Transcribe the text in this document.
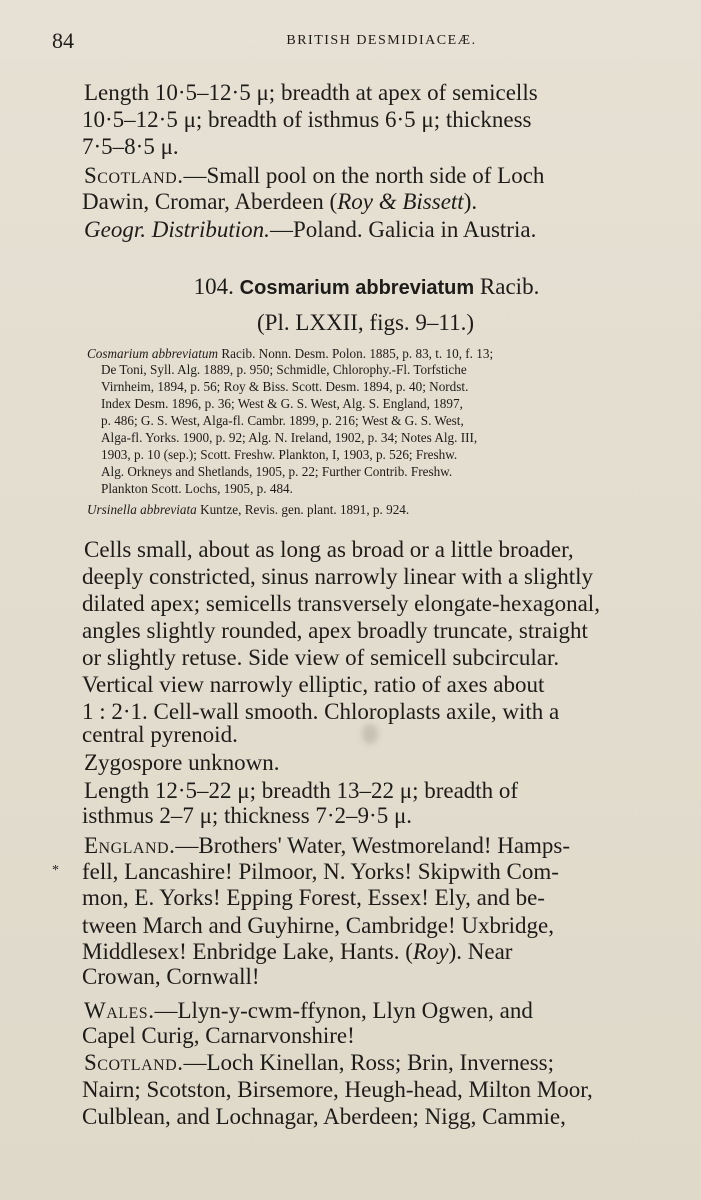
84	BRITISH DESMIDIACEÆ.
Length 10·5–12·5 μ; breadth at apex of semicells
10·5–12·5 μ; breadth of isthmus 6·5 μ; thickness
7·5–8·5 μ.
Scotland.—Small pool on the north side of Loch
Dawin, Cromar, Aberdeen (Roy & Bissett).
Geogr. Distribution.—Poland. Galicia in Austria.
104. Cosmarium abbreviatum Racib.
(Pl. LXXII, figs. 9–11.)
Cosmarium abbreviatum Racib. Nonn. Desm. Polon. 1885, p. 83, t. 10, f. 13;
De Toni, Syll. Alg. 1889, p. 950; Schmidle, Chlorophy.-Fl. Torfstiche
Virnheim, 1894, p. 56; Roy & Biss. Scott. Desm. 1894, p. 40; Nordst.
Index Desm. 1896, p. 36; West & G. S. West, Alg. S. England, 1897,
p. 486; G. S. West, Alga-fl. Cambr. 1899, p. 216; West & G. S. West,
Alga-fl. Yorks. 1900, p. 92; Alg. N. Ireland, 1902, p. 34; Notes Alg. III,
1903, p. 10 (sep.); Scott. Freshw. Plankton, I, 1903, p. 526; Freshw.
Alg. Orkneys and Shetlands, 1905, p. 22; Further Contrib. Freshw.
Plankton Scott. Lochs, 1905, p. 484.
Ursinella abbreviata Kuntze, Revis. gen. plant. 1891, p. 924.
Cells small, about as long as broad or a little broader,
deeply constricted, sinus narrowly linear with a slightly
dilated apex; semicells transversely elongate-hexagonal,
angles slightly rounded, apex broadly truncate, straight
or slightly retuse. Side view of semicell subcircular.
Vertical view narrowly elliptic, ratio of axes about
1 : 2·1. Cell-wall smooth. Chloroplasts axile, with a
central pyrenoid.
Zygospore unknown.
Length 12·5–22 μ; breadth 13–22 μ; breadth of
isthmus 2–7 μ; thickness 7·2–9·5 μ.
England.—Brothers' Water, Westmoreland! Hamps-
* fell, Lancashire! Pilmoor, N. Yorks! Skipwith Com-
mon, E. Yorks! Epping Forest, Essex! Ely, and be-
tween March and Guyhirne, Cambridge! Uxbridge,
Middlesex! Enbridge Lake, Hants. (Roy). Near
Crowan, Cornwall!
Wales.—Llyn-y-cwm-ffynon, Llyn Ogwen, and
Capel Curig, Carnarvonshire!
Scotland.—Loch Kinellan, Ross; Brin, Inverness;
Nairn; Scotston, Birsemore, Heugh-head, Milton Moor,
Culblean, and Lochnagar, Aberdeen; Nigg, Cammie,
